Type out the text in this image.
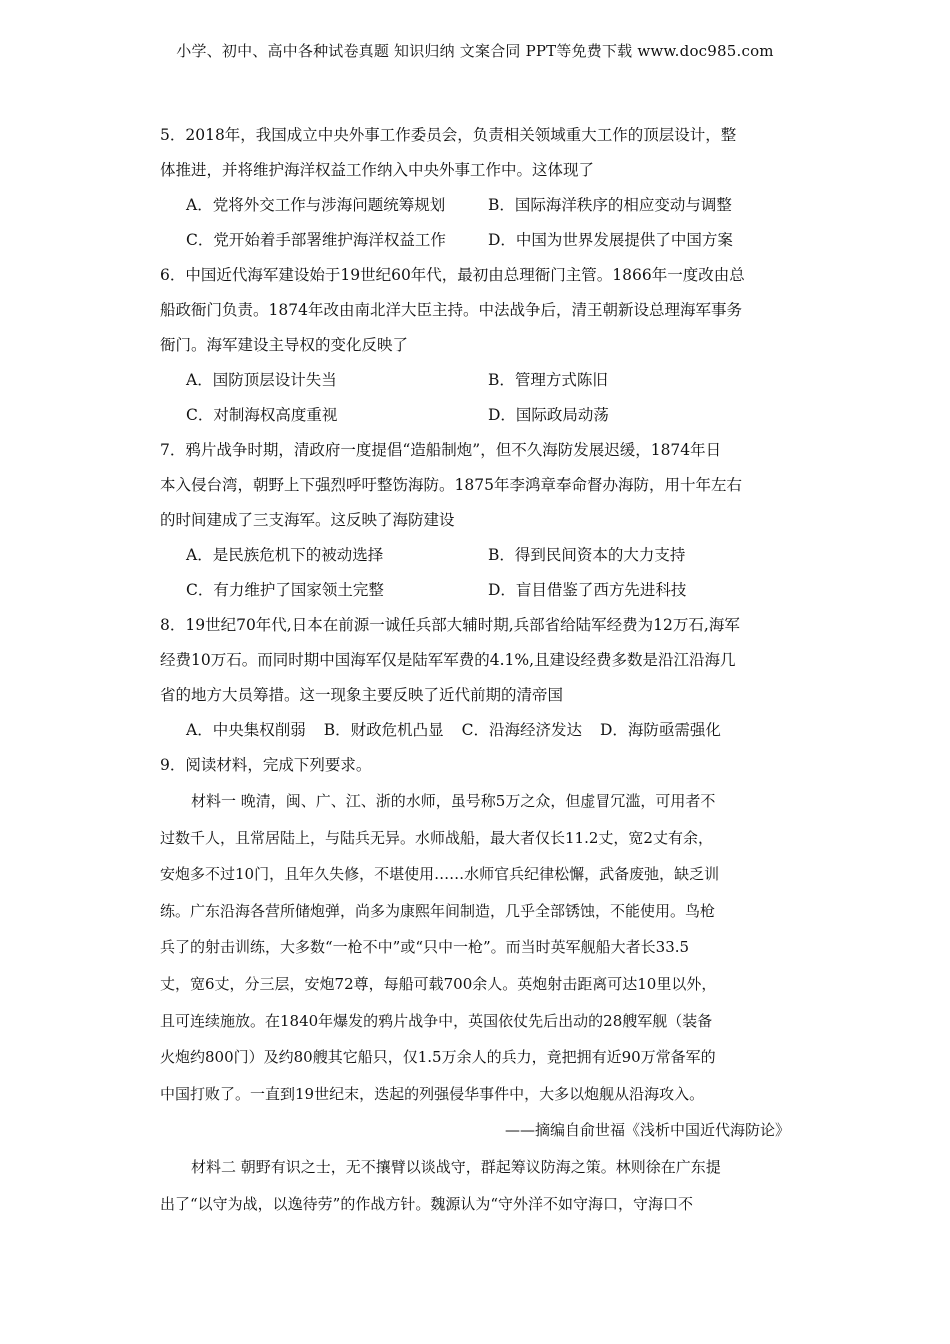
小学、初中、高中各种试卷真题 知识归纳 文案合同 PPT等免费下载 www.doc985.com
5．2018年，我国成立中央外事工作委员会，负责相关领域重大工作的顶层设计，整
体推进，并将维护海洋权益工作纳入中央外事工作中。这体现了
A．党将外交工作与涉海问题统筹规划	B．国际海洋秩序的相应变动与调整
C．党开始着手部署维护海洋权益工作	D．中国为世界发展提供了中国方案
6．中国近代海军建设始于19世纪60年代，最初由总理衙门主管。1866年一度改由总
船政衙门负责。1874年改由南北洋大臣主持。中法战争后，清王朝新设总理海军事务
衙门。海军建设主导权的变化反映了
A．国防顶层设计失当	B．管理方式陈旧
C．对制海权高度重视	D．国际政局动荡
7．鸦片战争时期，清政府一度提倡“造船制炮”，但不久海防发展迟缓，1874年日
本入侵台湾，朝野上下强烈呼吁整饬海防。1875年李鸿章奉命督办海防，用十年左右
的时间建成了三支海军。这反映了海防建设
A．是民族危机下的被动选择	B．得到民间资本的大力支持
C．有力维护了国家领土完整	D．盲目借鉴了西方先进科技
8．19世纪70年代,日本在前源一诚任兵部大辅时期,兵部省给陆军经费为12万石,海军
经费10万石。而同时期中国海军仅是陆军军费的4.1%,且建设经费多数是沿江沿海几
省的地方大员筹措。这一现象主要反映了近代前期的清帝国
A．中央集权削弱 B．财政危机凸显 C．沿海经济发达 D．海防亟需强化
9．阅读材料，完成下列要求。
材料一 晚清，闽、广、江、浙的水师，虽号称5万之众，但虚冒冗滥，可用者不
过数千人，且常居陆上，与陆兵无异。水师战船，最大者仅长11.2丈，宽2丈有余，
安炮多不过10门，且年久失修，不堪使用……水师官兵纪律松懈，武备废弛，缺乏训
练。广东沿海各营所储炮弹，尚多为康熙年间制造，几乎全部锈蚀，不能使用。鸟枪
兵了的射击训练，大多数“一枪不中”或“只中一枪”。而当时英军舰船大者长33.5
丈，宽6丈，分三层，安炮72尊，每船可载700余人。英炮射击距离可达10里以外，
且可连续施放。在1840年爆发的鸦片战争中，英国依仗先后出动的28艘军舰（装备
火炮约800门）及约80艘其它船只，仅1.5万余人的兵力，竟把拥有近90万常备军的
中国打败了。一直到19世纪末，迭起的列强侵华事件中，大多以炮舰从沿海攻入。
——摘编自俞世福《浅析中国近代海防论》
材料二 朝野有识之士，无不攘臂以谈战守，群起筹议防海之策。林则徐在广东提
出了“以守为战，以逸待劳”的作战方针。魏源认为“守外洋不如守海口，守海口不
